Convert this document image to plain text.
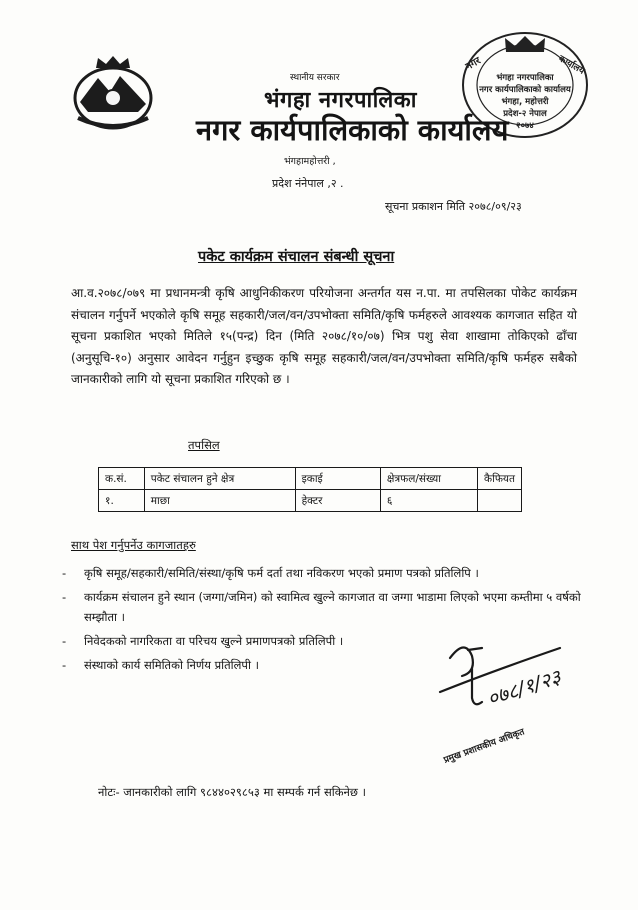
नगर	कार्यालय
भंगहा नगरपालिका
नगर कार्यपालिकाको कार्यालय
भंगहा, महोत्तरी
प्रदेश-२ नेपाल
२०७४
स्थानीय सरकार
भंगहा नगरपालिका
नगर कार्यपालिकाको कार्यालय
भंगहामहोत्तरी ,
प्रदेश नंनेपाल ,२ .
सूचना प्रकाशन मिति २०७८/०९/२३
पकेट कार्यक्रम संचालन संबन्धी सूचना
आ.व.२०७८/०७९ मा प्रधानमन्त्री कृषि आधुनिकीकरण परियोजना अन्तर्गत यस न.पा. मा तपसिलका पोकेट कार्यक्रम संचालन गर्नुपर्ने भएकोले कृषि समूह सहकारी/जल/वन/उपभोक्ता समिति/कृषि फर्महरुले आवश्यक कागजात सहित यो सूचना प्रकाशित भएको मितिले १५(पन्द्र) दिन (मिति २०७८/१०/०७) भित्र पशु सेवा शाखामा तोकिएको ढाँचा (अनुसूचि-१०) अनुसार आवेदन गर्नुहुन इच्छुक कृषि समूह सहकारी/जल/वन/उपभोक्ता समिति/कृषि फर्महरु सबैको जानकारीको लागि यो सूचना प्रकाशित गरिएको छ ।
तपसिल
क.सं.	पकेट संचालन हुने क्षेत्र	इकाई	क्षेत्रफल/संख्या	कैफियत
१.	माछा	हेक्टर	६	
साथ पेश गर्नुपर्नेउ कागजातहरु
- कृषि समूह/सहकारी/समिति/संस्था/कृषि फर्म दर्ता तथा नविकरण भएको प्रमाण पत्रको प्रतिलिपि ।
- कार्यक्रम संचालन हुने स्थान (जग्गा/जमिन) को स्वामित्व खुल्ने कागजात वा जग्गा भाडामा लिएको भएमा कम्तीमा ५ वर्षको सम्झौता ।
- निवेदकको नागरिकता वा परिचय खुल्ने प्रमाणपत्रको प्रतिलिपी ।
- संस्थाको कार्य समितिको निर्णय प्रतिलिपी ।	०७८/१/२३
प्रमुख प्रशासकीय अधिकृत
नोटः- जानकारीको लागि ९८४४०२९८५३ मा सम्पर्क गर्न सकिनेछ ।
